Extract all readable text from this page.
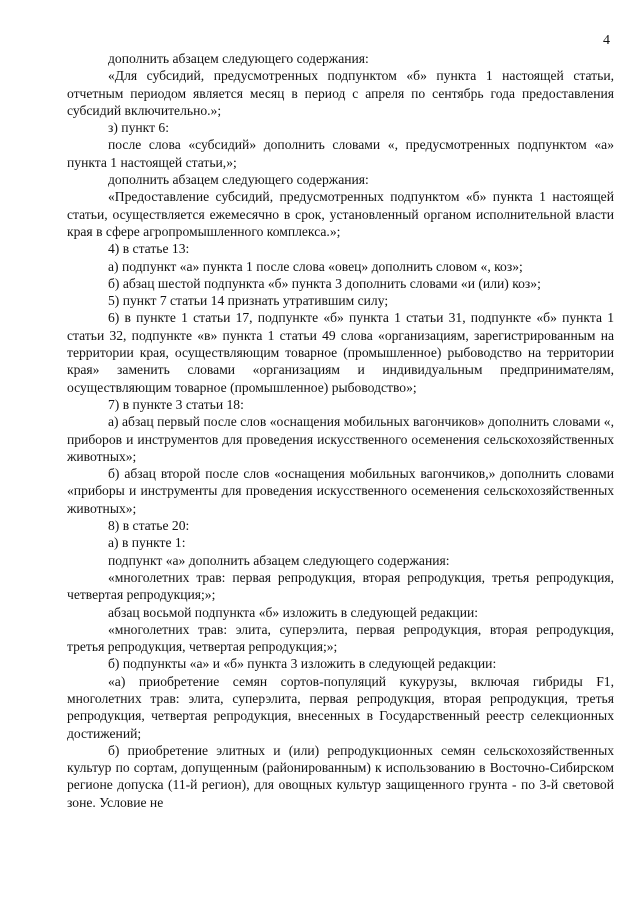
4

дополнить абзацем следующего содержания:

«Для субсидий, предусмотренных подпунктом «б» пункта 1 настоящей статьи, отчетным периодом является месяц в период с апреля по сентябрь года предоставления субсидий включительно.»;

з) пункт 6:

после слова «субсидий» дополнить словами «, предусмотренных подпунктом «а» пункта 1 настоящей статьи,»;

дополнить абзацем следующего содержания:

«Предоставление субсидий, предусмотренных подпунктом «б» пункта 1 настоящей статьи, осуществляется ежемесячно в срок, установленный органом исполнительной власти края в сфере агропромышленного комплекса.»;

4) в статье 13:

а) подпункт «а» пункта 1 после слова «овец» дополнить словом «, коз»;

б) абзац шестой подпункта «б» пункта 3 дополнить словами «и (или) коз»;

5) пункт 7 статьи 14 признать утратившим силу;

6) в пункте 1 статьи 17, подпункте «б» пункта 1 статьи 31, подпункте «б» пункта 1 статьи 32, подпункте «в» пункта 1 статьи 49 слова «организациям, зарегистрированным на территории края, осуществляющим товарное (промышленное) рыбоводство на территории края» заменить словами «организациям и индивидуальным предпринимателям, осуществляющим товарное (промышленное) рыбоводство»;

7) в пункте 3 статьи 18:

а) абзац первый после слов «оснащения мобильных вагончиков» дополнить словами «, приборов и инструментов для проведения искусственного осеменения сельскохозяйственных животных»;

б) абзац второй после слов «оснащения мобильных вагончиков,» дополнить словами «приборы и инструменты для проведения искусственного осеменения сельскохозяйственных животных»;

8) в статье 20:

а) в пункте 1:

подпункт «а» дополнить абзацем следующего содержания:

«многолетних трав: первая репродукция, вторая репродукция, третья репродукция, четвертая репродукция;»;

абзац восьмой подпункта «б» изложить в следующей редакции:

«многолетних трав: элита, суперэлита, первая репродукция, вторая репродукция, третья репродукция, четвертая репродукция;»;

б) подпункты «а» и «б» пункта 3 изложить в следующей редакции:

«а) приобретение семян сортов-популяций кукурузы, включая гибриды F1, многолетних трав: элита, суперэлита, первая репродукция, вторая репродукция, третья репродукция, четвертая репродукция, внесенных в Государственный реестр селекционных достижений;

б) приобретение элитных и (или) репродукционных семян сельскохозяйственных культур по сортам, допущенным (районированным) к использованию в Восточно-Сибирском регионе допуска (11-й регион), для овощных культур защищенного грунта - по 3-й световой зоне. Условие не
